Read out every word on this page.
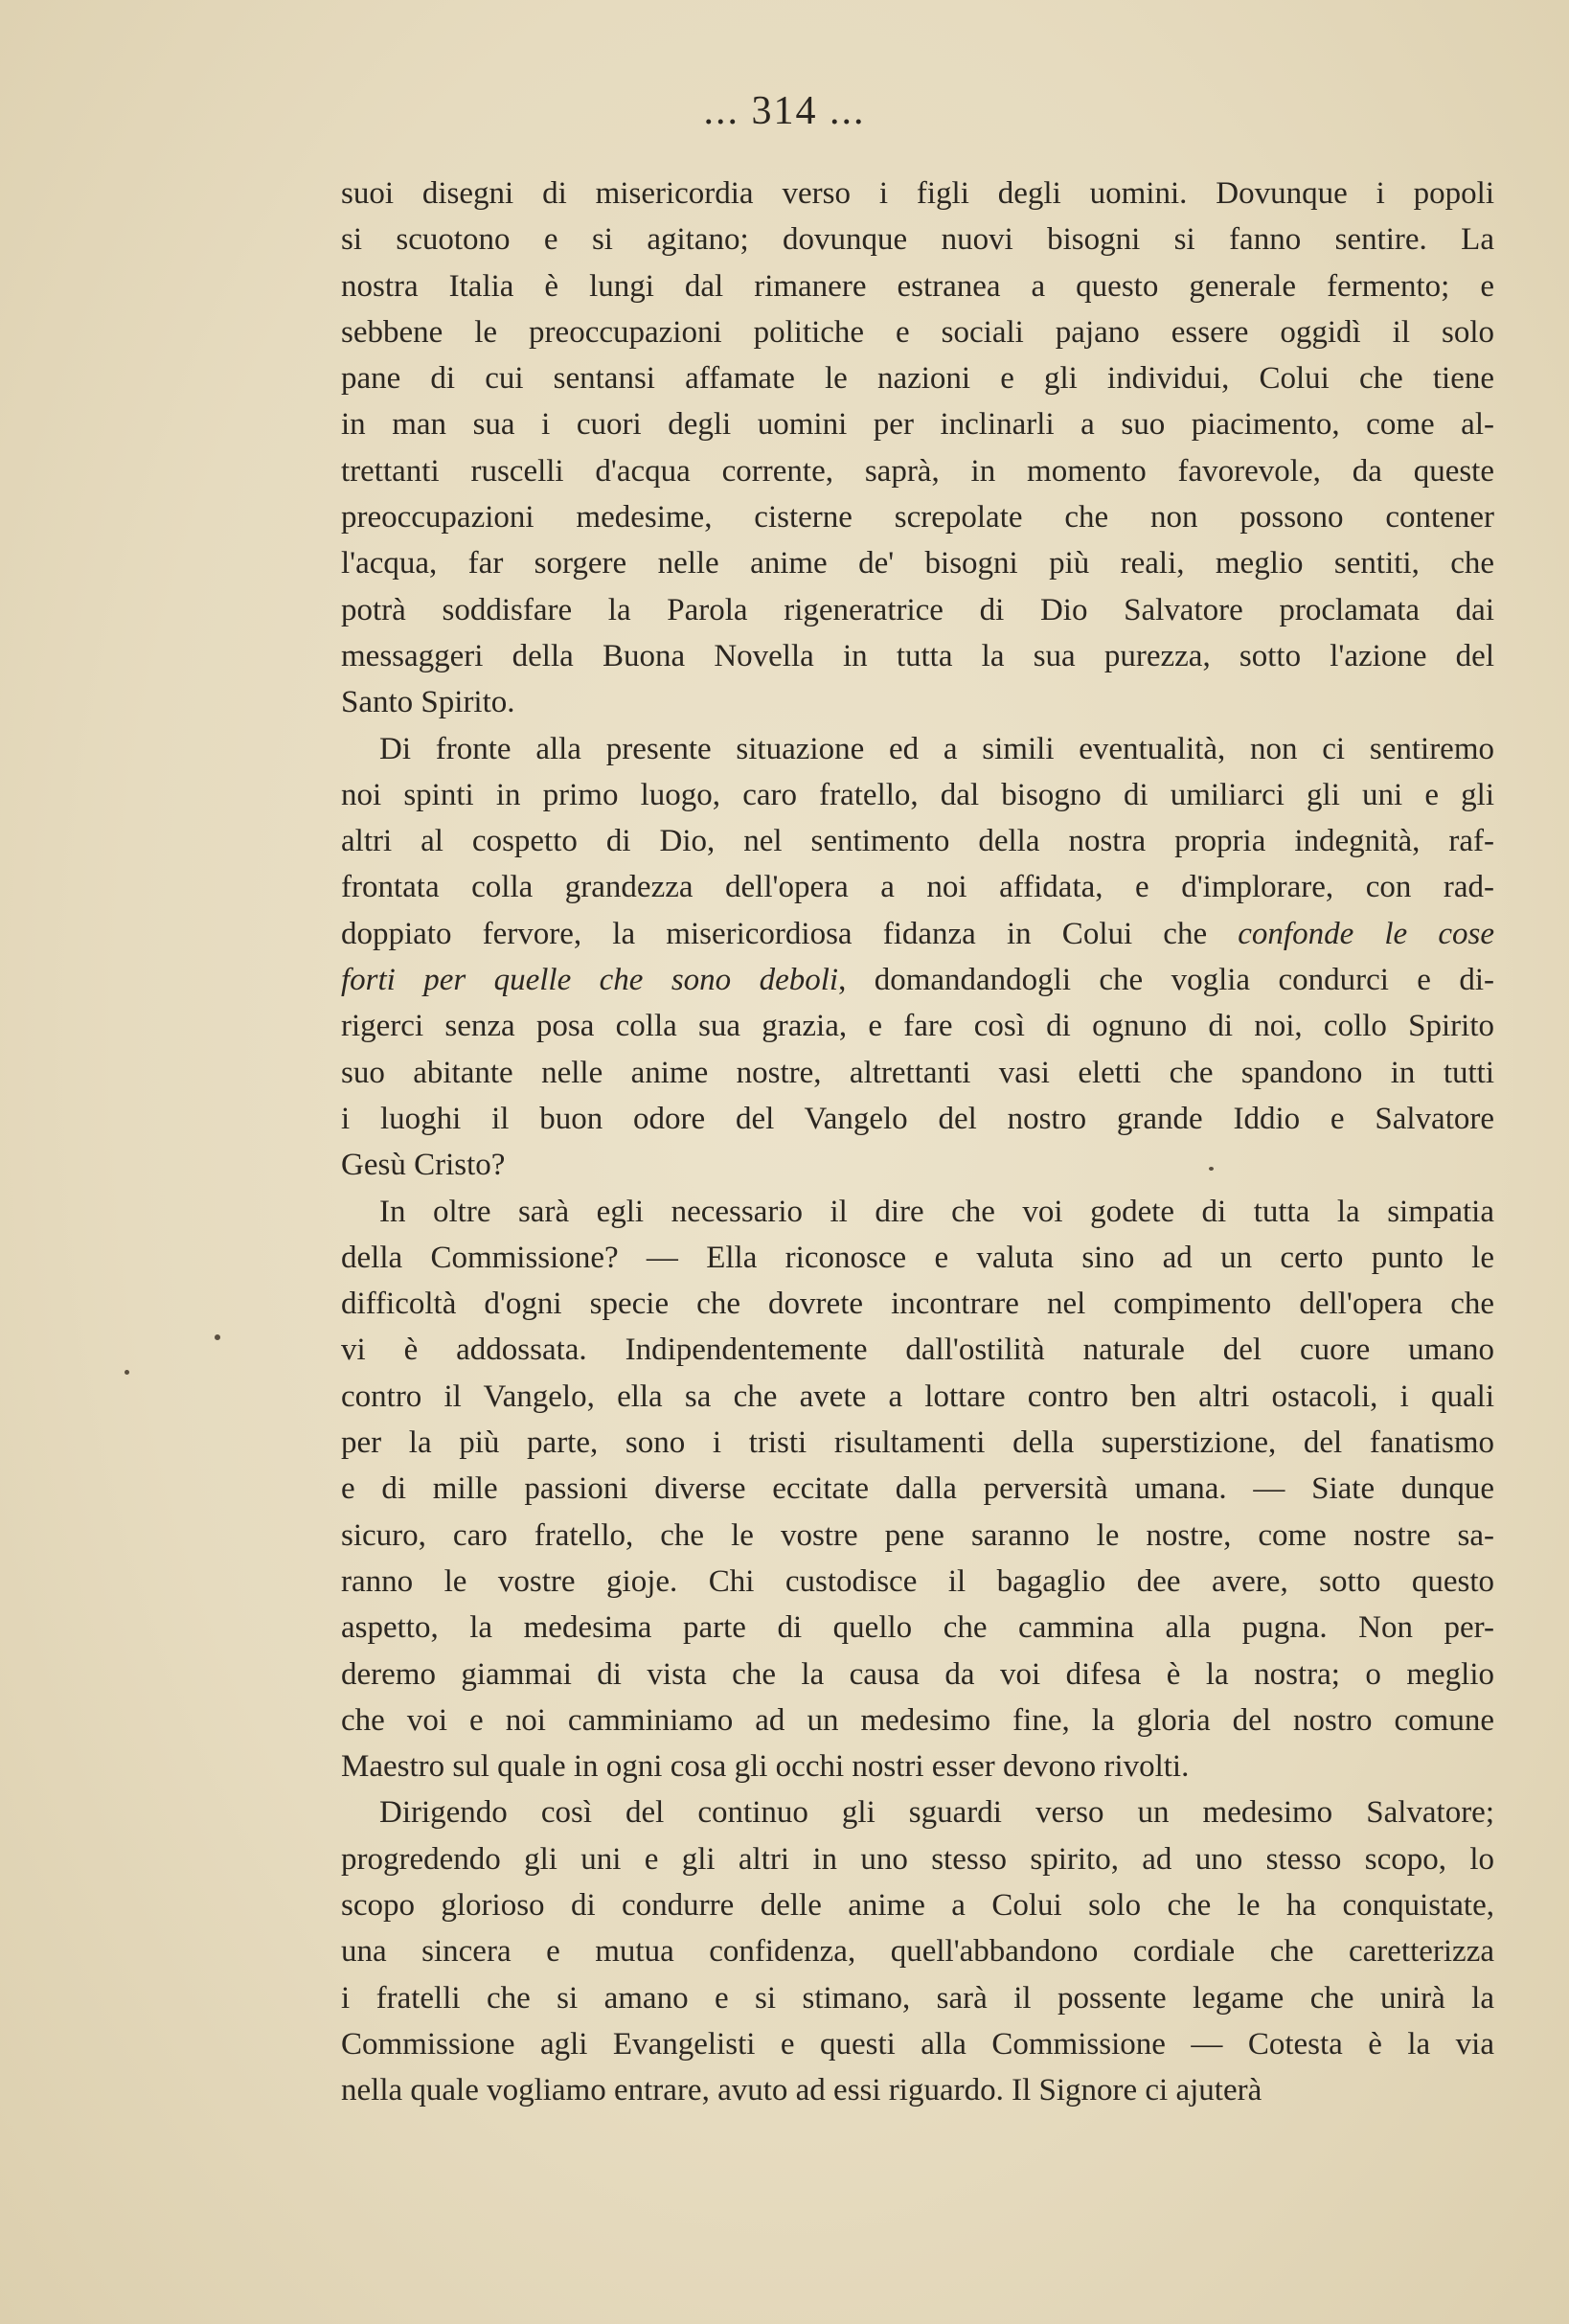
... 314 ...
suoi disegni di misericordia verso i figli degli uomini. Dovunque i popoli
si scuotono e si agitano; dovunque nuovi bisogni si fanno sentire. La
nostra Italia è lungi dal rimanere estranea a questo generale fermento; e
sebbene le preoccupazioni politiche e sociali pajano essere oggidì il solo
pane di cui sentansi affamate le nazioni e gli individui, Colui che tiene
in man sua i cuori degli uomini per inclinarli a suo piacimento, come al-
trettanti ruscelli d'acqua corrente, saprà, in momento favorevole, da queste
preoccupazioni medesime, cisterne screpolate che non possono contener
l'acqua, far sorgere nelle anime de' bisogni più reali, meglio sentiti, che
potrà soddisfare la Parola rigeneratrice di Dio Salvatore proclamata dai
messaggeri della Buona Novella in tutta la sua purezza, sotto l'azione del
Santo Spirito.
Di fronte alla presente situazione ed a simili eventualità, non ci sentiremo
noi spinti in primo luogo, caro fratello, dal bisogno di umiliarci gli uni e gli
altri al cospetto di Dio, nel sentimento della nostra propria indegnità, raf-
frontata colla grandezza dell'opera a noi affidata, e d'implorare, con rad-
doppiato fervore, la misericordiosa fidanza in Colui che confonde le cose
forti per quelle che sono deboli, domandandogli che voglia condurci e di-
rigerci senza posa colla sua grazia, e fare così di ognuno di noi, collo Spirito
suo abitante nelle anime nostre, altrettanti vasi eletti che spandono in tutti
i luoghi il buon odore del Vangelo del nostro grande Iddio e Salvatore
Gesù Cristo?
In oltre sarà egli necessario il dire che voi godete di tutta la simpatia
della Commissione? — Ella riconosce e valuta sino ad un certo punto le
difficoltà d'ogni specie che dovrete incontrare nel compimento dell'opera che
vi è addossata. Indipendentemente dall'ostilità naturale del cuore umano
contro il Vangelo, ella sa che avete a lottare contro ben altri ostacoli, i quali
per la più parte, sono i tristi risultamenti della superstizione, del fanatismo
e di mille passioni diverse eccitate dalla perversità umana. — Siate dunque
sicuro, caro fratello, che le vostre pene saranno le nostre, come nostre sa-
ranno le vostre gioje. Chi custodisce il bagaglio dee avere, sotto questo
aspetto, la medesima parte di quello che cammina alla pugna. Non per-
deremo giammai di vista che la causa da voi difesa è la nostra; o meglio
che voi e noi camminiamo ad un medesimo fine, la gloria del nostro comune
Maestro sul quale in ogni cosa gli occhi nostri esser devono rivolti.
Dirigendo così del continuo gli sguardi verso un medesimo Salvatore;
progredendo gli uni e gli altri in uno stesso spirito, ad uno stesso scopo, lo
scopo glorioso di condurre delle anime a Colui solo che le ha conquistate,
una sincera e mutua confidenza, quell'abbandono cordiale che caretterizza
i fratelli che si amano e si stimano, sarà il possente legame che unirà la
Commissione agli Evangelisti e questi alla Commissione — Cotesta è la via
nella quale vogliamo entrare, avuto ad essi riguardo. Il Signore ci ajuterà
